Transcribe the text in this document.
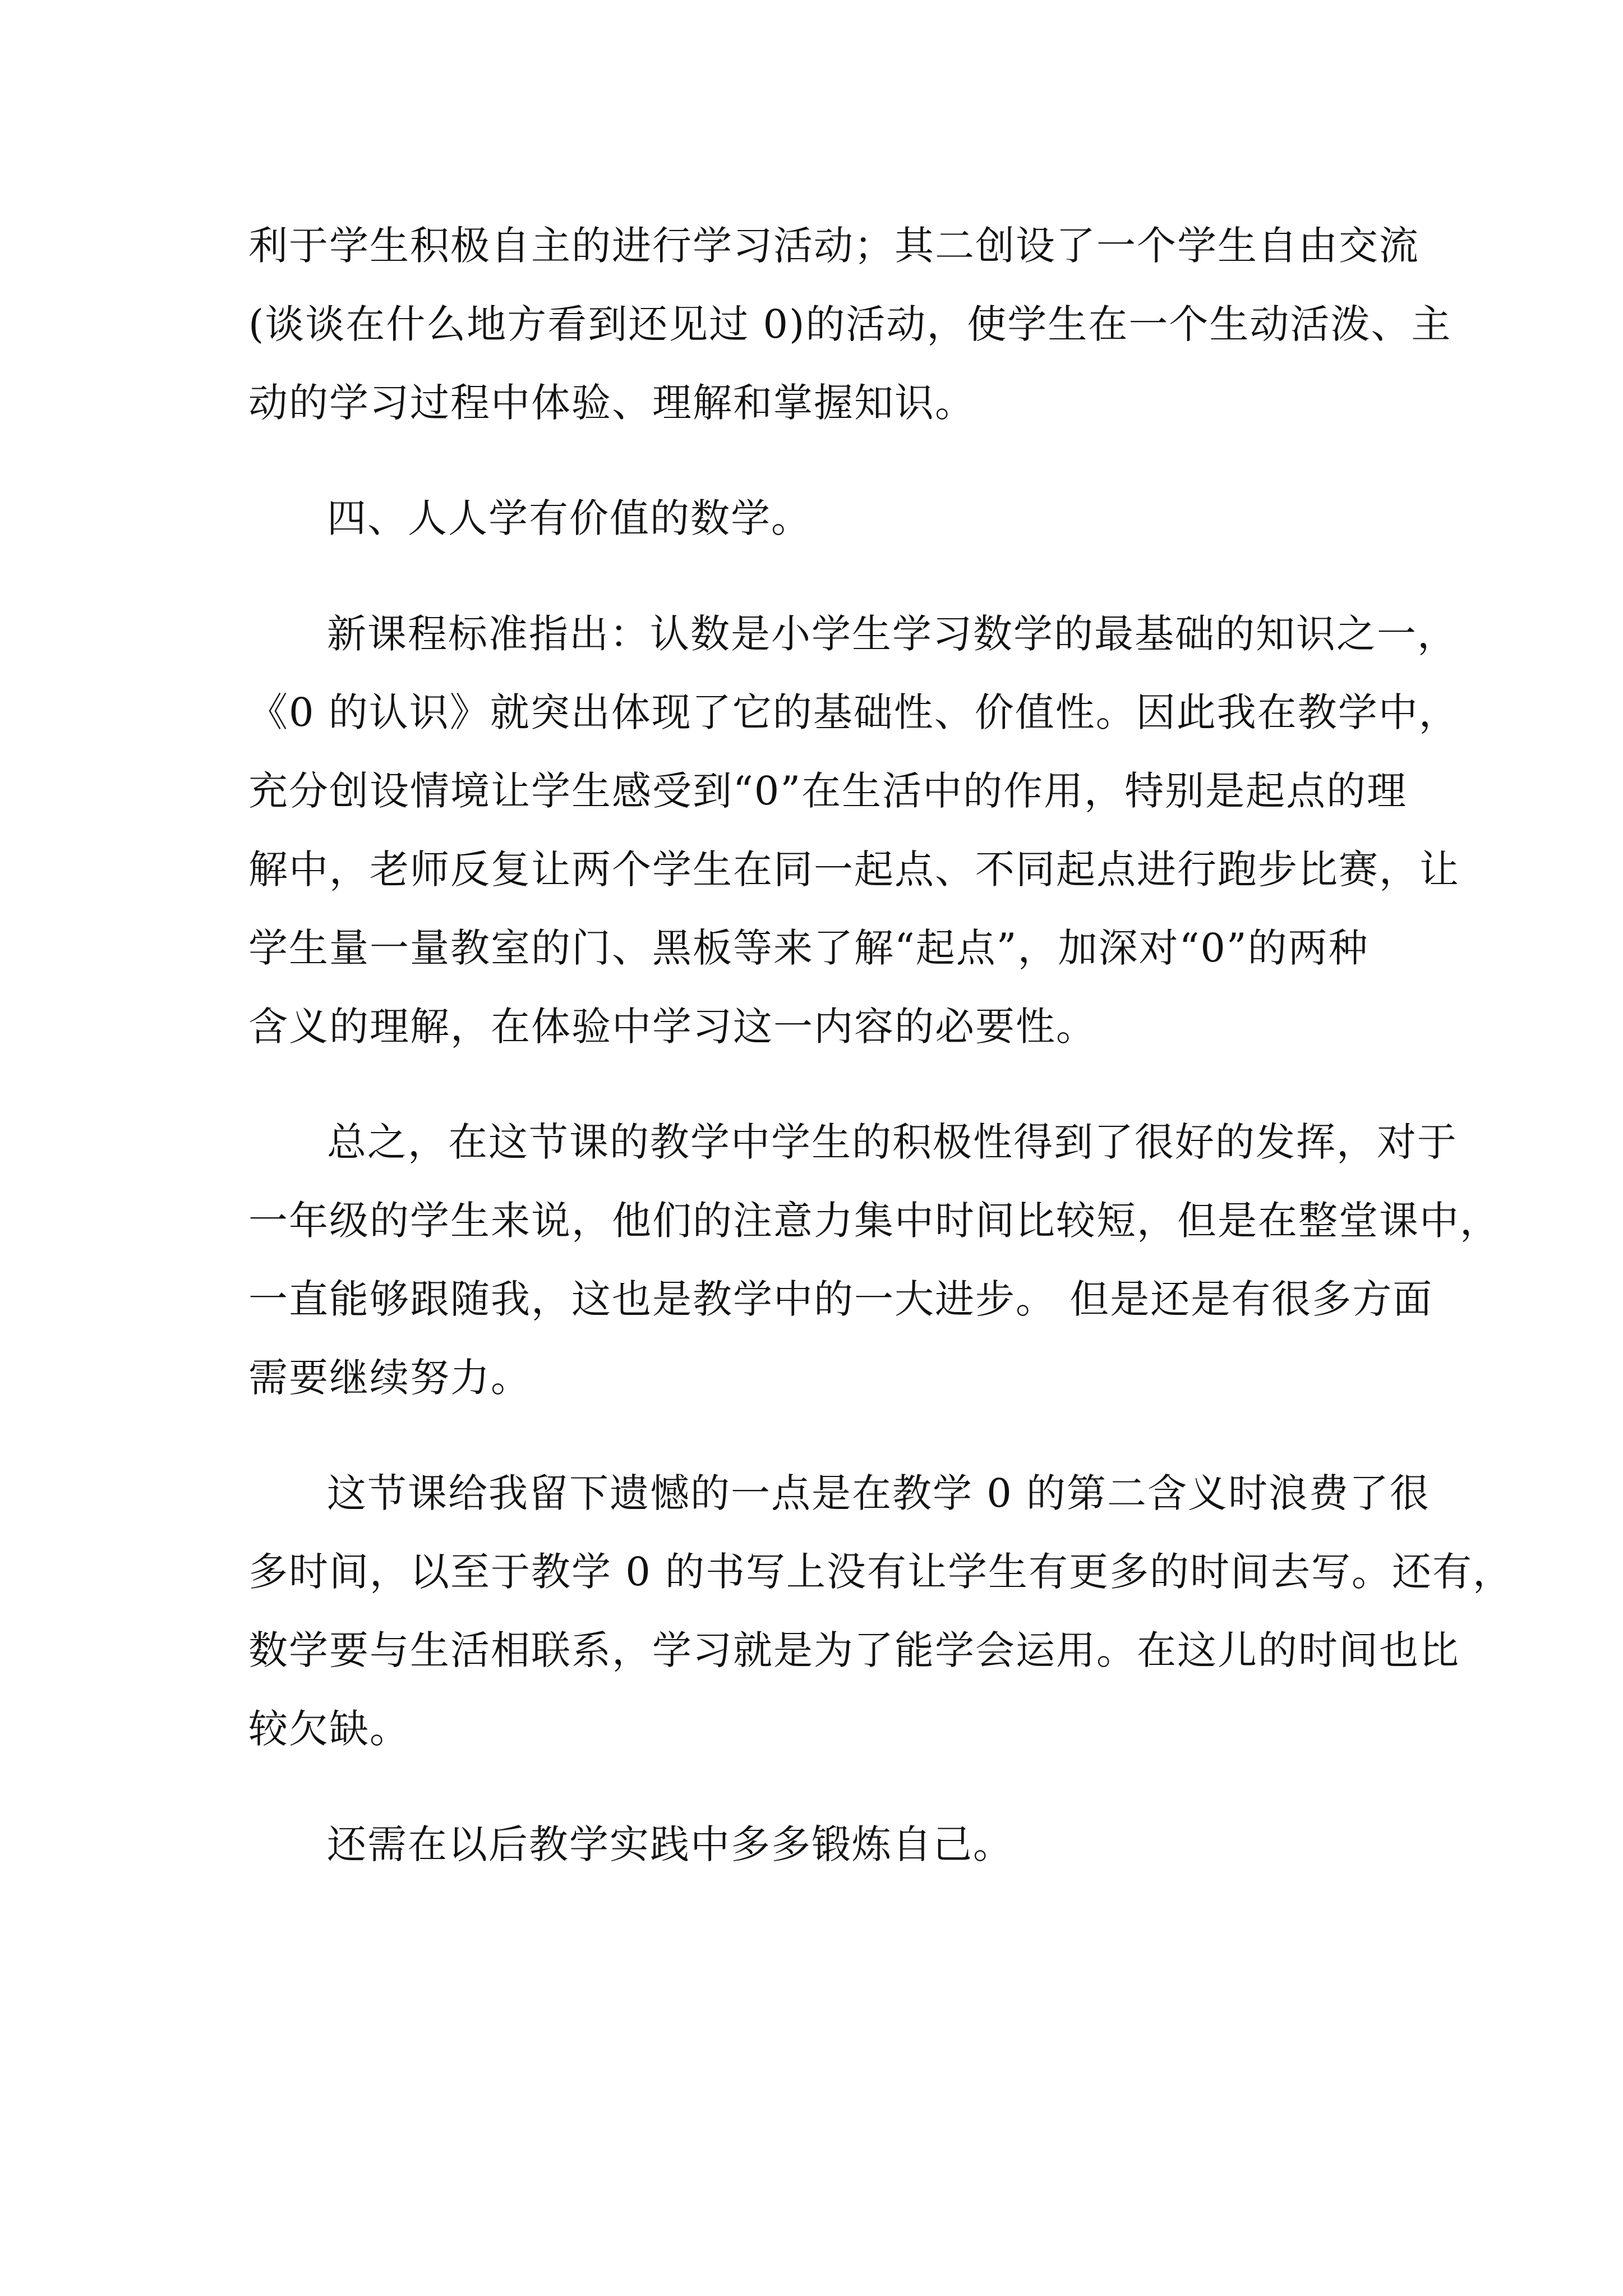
利于学生积极自主的进行学习活动；其二创设了一个学生自由交流
(谈谈在什么地方看到还见过 0)的活动，使学生在一个生动活泼、主
动的学习过程中体验、理解和掌握知识。

四、人人学有价值的数学。

新课程标准指出：认数是小学生学习数学的最基础的知识之一，
《0 的认识》就突出体现了它的基础性、价值性。因此我在教学中，
充分创设情境让学生感受到“0”在生活中的作用，特别是起点的理
解中，老师反复让两个学生在同一起点、不同起点进行跑步比赛，让
学生量一量教室的门、黑板等来了解“起点”，加深对“0”的两种
含义的理解，在体验中学习这一内容的必要性。

总之，在这节课的教学中学生的积极性得到了很好的发挥，对于
一年级的学生来说，他们的注意力集中时间比较短，但是在整堂课中，
一直能够跟随我，这也是教学中的一大进步。 但是还是有很多方面
需要继续努力。

这节课给我留下遗憾的一点是在教学 0 的第二含义时浪费了很
多时间，以至于教学 0 的书写上没有让学生有更多的时间去写。还有，
数学要与生活相联系，学习就是为了能学会运用。在这儿的时间也比
较欠缺。

还需在以后教学实践中多多锻炼自己。
